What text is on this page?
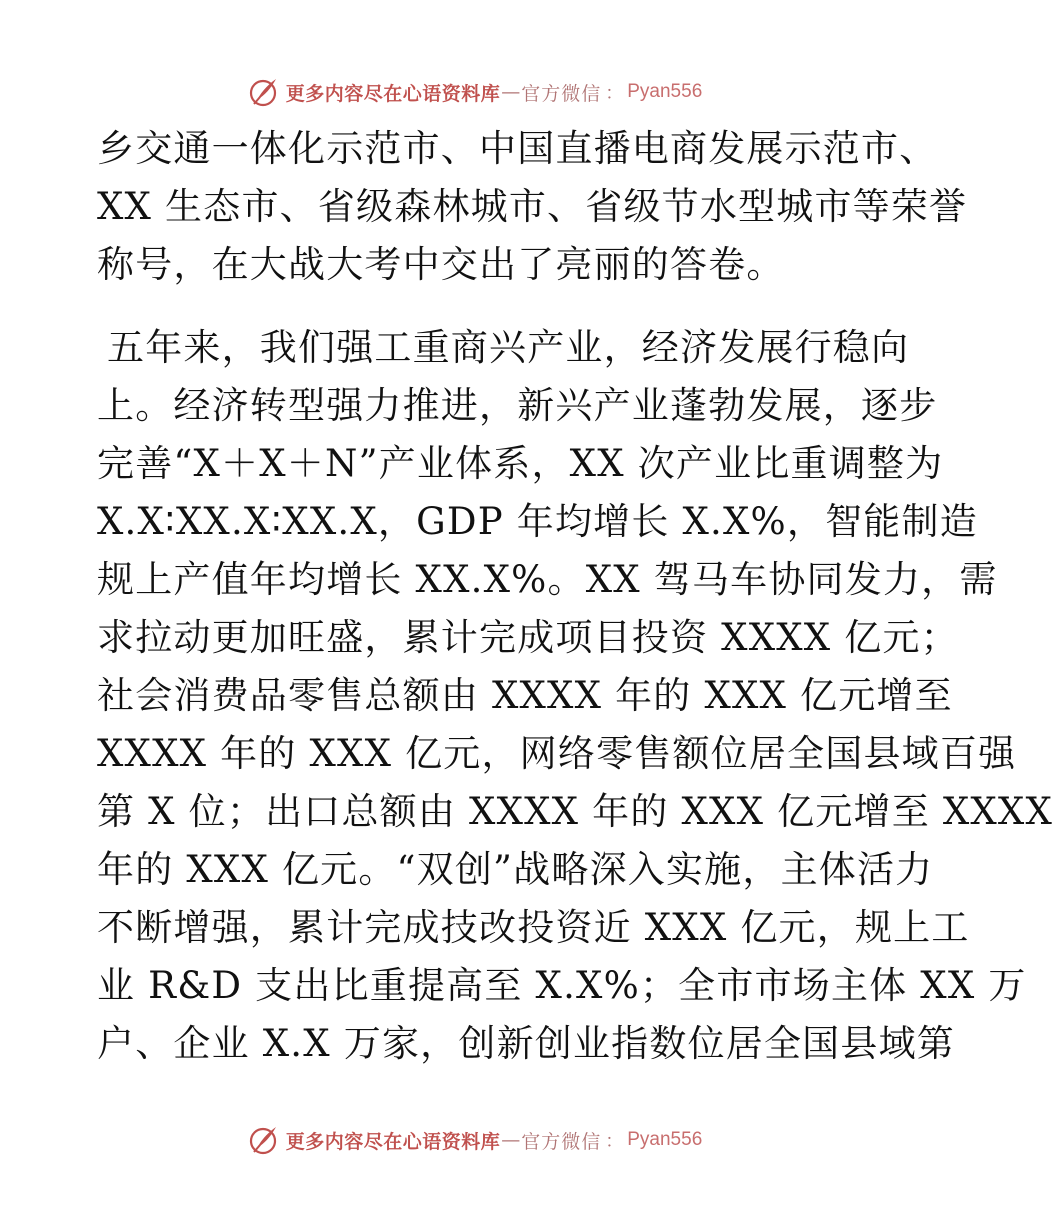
更多内容尽在心语资料库 — 官方微信 ： Pyan556
乡交通一体化示范市、中国直播电商发展示范市、
XX 生态市、省级森林城市、省级节水型城市等荣誉
称号，在大战大考中交出了亮丽的答卷。
五年来，我们强工重商兴产业，经济发展行稳向
上。经济转型强力推进，新兴产业蓬勃发展，逐步
完善“X＋X＋N”产业体系，XX 次产业比重调整为
X.X∶XX.X∶XX.X，GDP 年均增长 X.X%，智能制造
规上产值年均增长 XX.X%。XX 驾马车协同发力，需
求拉动更加旺盛，累计完成项目投资 XXXX 亿元；
社会消费品零售总额由 XXXX 年的 XXX 亿元增至
XXXX 年的 XXX 亿元，网络零售额位居全国县域百强
第 X 位；出口总额由 XXXX 年的 XXX 亿元增至 XXXX
年的 XXX 亿元。“双创”战略深入实施，主体活力
不断增强，累计完成技改投资近 XXX 亿元，规上工
业 R&D 支出比重提高至 X.X%；全市市场主体 XX 万
户、企业 X.X 万家，创新创业指数位居全国县域第
更多内容尽在心语资料库 — 官方微信 ： Pyan556
